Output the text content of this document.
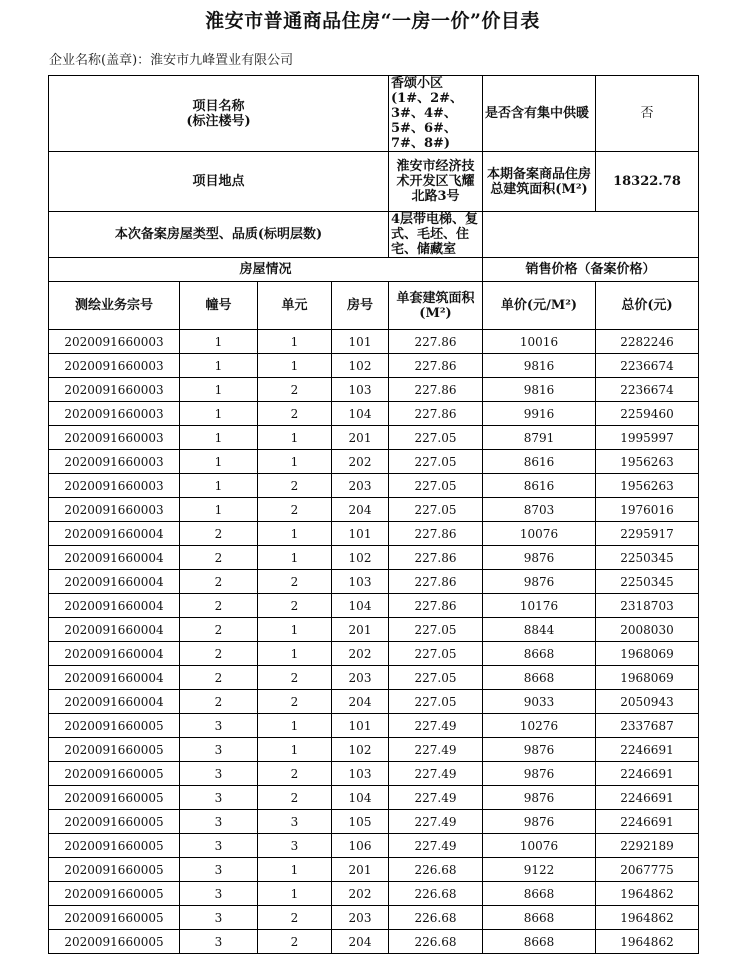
淮安市普通商品住房“一房一价”价目表
企业名称(盖章)：淮安市九峰置业有限公司
项目名称
(标注楼号)				香颂小区(1#、2#、3#、4#、5#、6#、7#、8#)	是否含有集中供暖	否
项目地点				淮安市经济技术开发区飞耀北路3号	本期备案商品住房总建筑面积(M²)	18322.78

本次备案房屋类型、品质(标明层数)				4层带电梯、复式、毛坯、住宅、储藏室		

房屋情况					销售价格（备案价格）	
测绘业务宗号	幢号	单元	房号	单套建筑面积(M²)	单价(元/M²)	总价(元)
2020091660003	1	1	101	227.86	10016	2282246
2020091660003	1	1	102	227.86	9816	2236674
2020091660003	1	2	103	227.86	9816	2236674
2020091660003	1	2	104	227.86	9916	2259460
2020091660003	1	1	201	227.05	8791	1995997
2020091660003	1	1	202	227.05	8616	1956263
2020091660003	1	2	203	227.05	8616	1956263
2020091660003	1	2	204	227.05	8703	1976016
2020091660004	2	1	101	227.86	10076	2295917
2020091660004	2	1	102	227.86	9876	2250345
2020091660004	2	2	103	227.86	9876	2250345
2020091660004	2	2	104	227.86	10176	2318703
2020091660004	2	1	201	227.05	8844	2008030
2020091660004	2	1	202	227.05	8668	1968069
2020091660004	2	2	203	227.05	8668	1968069
2020091660004	2	2	204	227.05	9033	2050943
2020091660005	3	1	101	227.49	10276	2337687
2020091660005	3	1	102	227.49	9876	2246691
2020091660005	3	2	103	227.49	9876	2246691
2020091660005	3	2	104	227.49	9876	2246691
2020091660005	3	3	105	227.49	9876	2246691
2020091660005	3	3	106	227.49	10076	2292189
2020091660005	3	1	201	226.68	9122	2067775
2020091660005	3	1	202	226.68	8668	1964862
2020091660005	3	2	203	226.68	8668	1964862
2020091660005	3	2	204	226.68	8668	1964862
